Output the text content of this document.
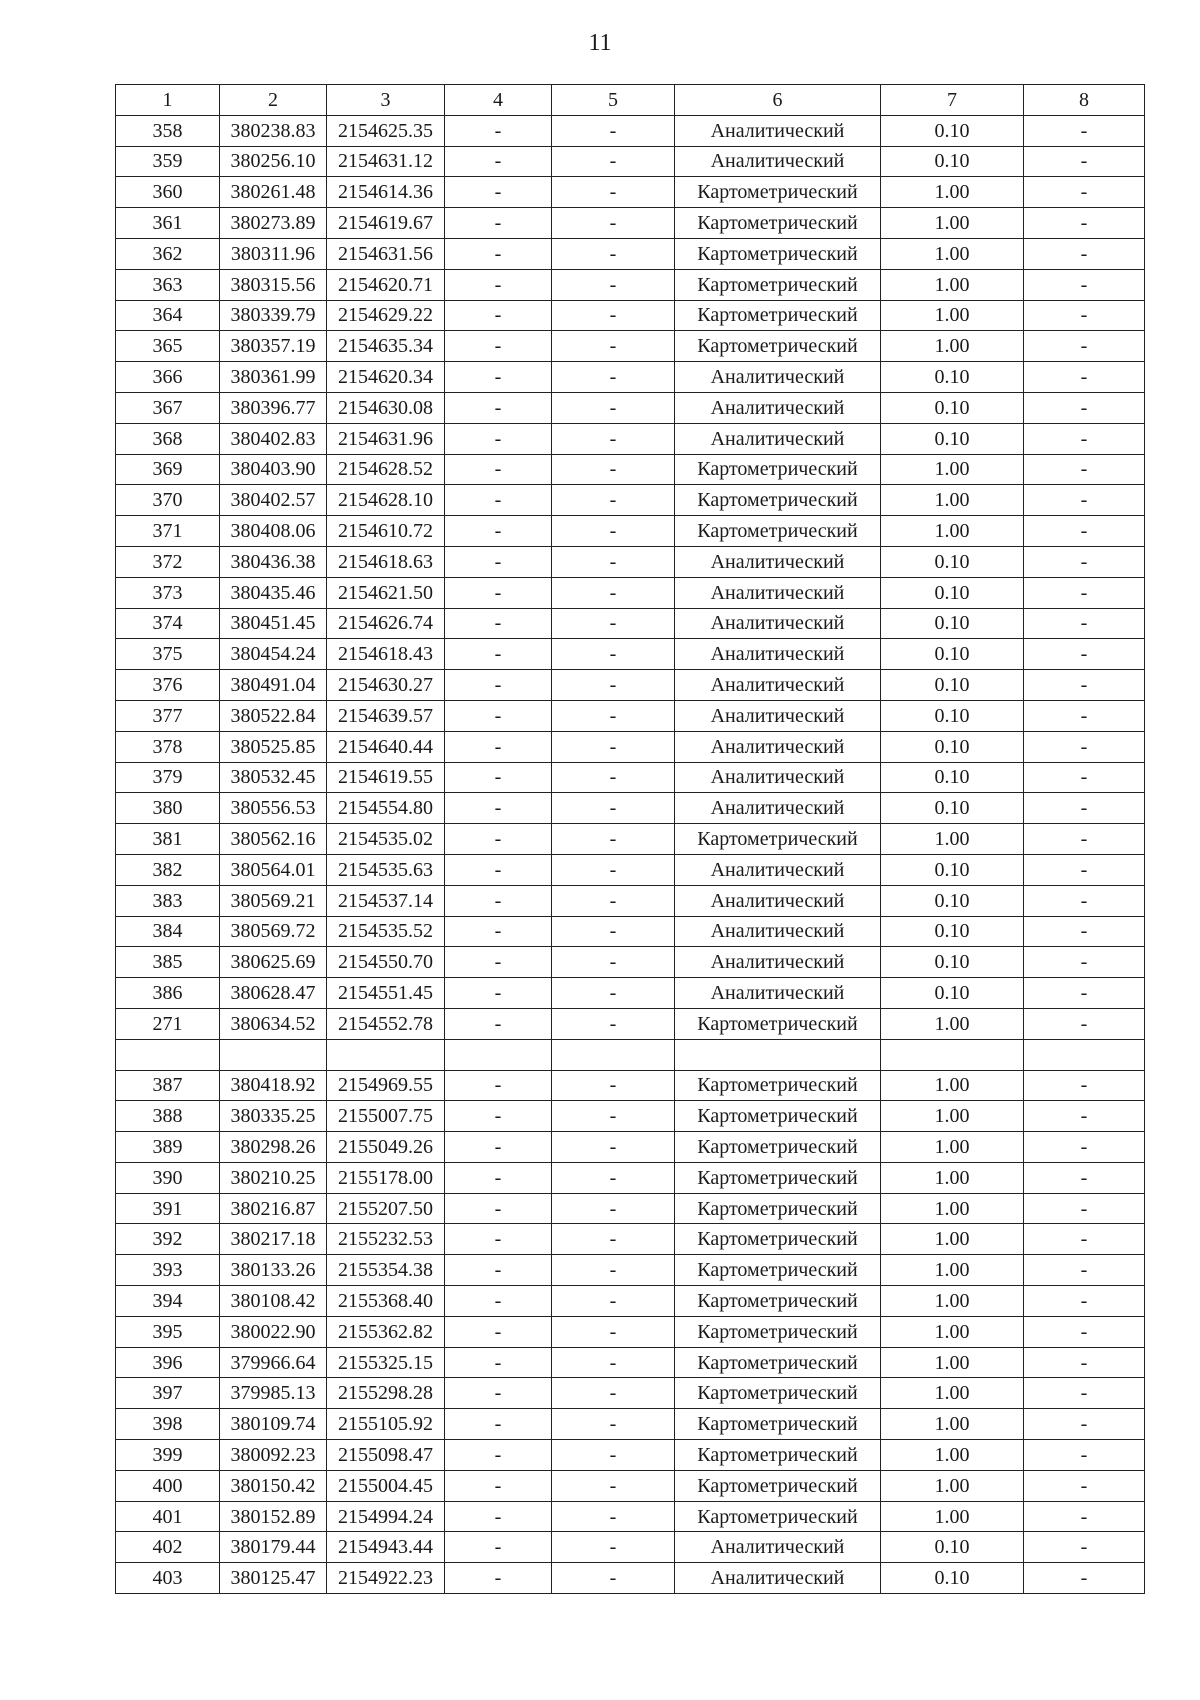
11
1	2	3	4	5	6	7	8
358	380238.83	2154625.35	-	-	Аналитический	0.10	-
359	380256.10	2154631.12	-	-	Аналитический	0.10	-
360	380261.48	2154614.36	-	-	Картометрический	1.00	-
361	380273.89	2154619.67	-	-	Картометрический	1.00	-
362	380311.96	2154631.56	-	-	Картометрический	1.00	-
363	380315.56	2154620.71	-	-	Картометрический	1.00	-
364	380339.79	2154629.22	-	-	Картометрический	1.00	-
365	380357.19	2154635.34	-	-	Картометрический	1.00	-
366	380361.99	2154620.34	-	-	Аналитический	0.10	-
367	380396.77	2154630.08	-	-	Аналитический	0.10	-
368	380402.83	2154631.96	-	-	Аналитический	0.10	-
369	380403.90	2154628.52	-	-	Картометрический	1.00	-
370	380402.57	2154628.10	-	-	Картометрический	1.00	-
371	380408.06	2154610.72	-	-	Картометрический	1.00	-
372	380436.38	2154618.63	-	-	Аналитический	0.10	-
373	380435.46	2154621.50	-	-	Аналитический	0.10	-
374	380451.45	2154626.74	-	-	Аналитический	0.10	-
375	380454.24	2154618.43	-	-	Аналитический	0.10	-
376	380491.04	2154630.27	-	-	Аналитический	0.10	-
377	380522.84	2154639.57	-	-	Аналитический	0.10	-
378	380525.85	2154640.44	-	-	Аналитический	0.10	-
379	380532.45	2154619.55	-	-	Аналитический	0.10	-
380	380556.53	2154554.80	-	-	Аналитический	0.10	-
381	380562.16	2154535.02	-	-	Картометрический	1.00	-
382	380564.01	2154535.63	-	-	Аналитический	0.10	-
383	380569.21	2154537.14	-	-	Аналитический	0.10	-
384	380569.72	2154535.52	-	-	Аналитический	0.10	-
385	380625.69	2154550.70	-	-	Аналитический	0.10	-
386	380628.47	2154551.45	-	-	Аналитический	0.10	-
271	380634.52	2154552.78	-	-	Картометрический	1.00	-

387	380418.92	2154969.55	-	-	Картометрический	1.00	-
388	380335.25	2155007.75	-	-	Картометрический	1.00	-
389	380298.26	2155049.26	-	-	Картометрический	1.00	-
390	380210.25	2155178.00	-	-	Картометрический	1.00	-
391	380216.87	2155207.50	-	-	Картометрический	1.00	-
392	380217.18	2155232.53	-	-	Картометрический	1.00	-
393	380133.26	2155354.38	-	-	Картометрический	1.00	-
394	380108.42	2155368.40	-	-	Картометрический	1.00	-
395	380022.90	2155362.82	-	-	Картометрический	1.00	-
396	379966.64	2155325.15	-	-	Картометрический	1.00	-
397	379985.13	2155298.28	-	-	Картометрический	1.00	-
398	380109.74	2155105.92	-	-	Картометрический	1.00	-
399	380092.23	2155098.47	-	-	Картометрический	1.00	-
400	380150.42	2155004.45	-	-	Картометрический	1.00	-
401	380152.89	2154994.24	-	-	Картометрический	1.00	-
402	380179.44	2154943.44	-	-	Аналитический	0.10	-
403	380125.47	2154922.23	-	-	Аналитический	0.10	-
